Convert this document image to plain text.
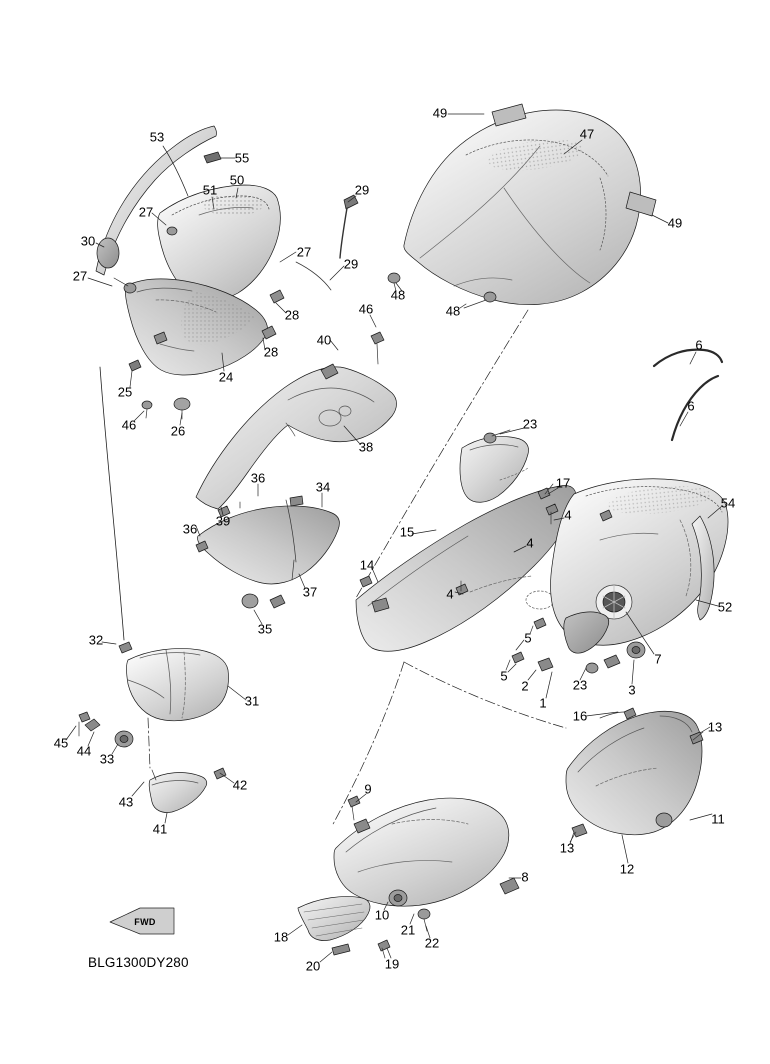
53
55
51
50
29
27
30
27
27
29
28
28
24
25
46	26
46
40
38
36
34
36
39
37
35
32
31
45
44
33
43
41
42
49
47
49
48
48
6
6
23
17
54
4
15
4
52
14
4
5
5
2
1
23	3
7
16
13
11
13
12
9
8
10
21
22
18
20	19
FWD
BLG1300DY280
